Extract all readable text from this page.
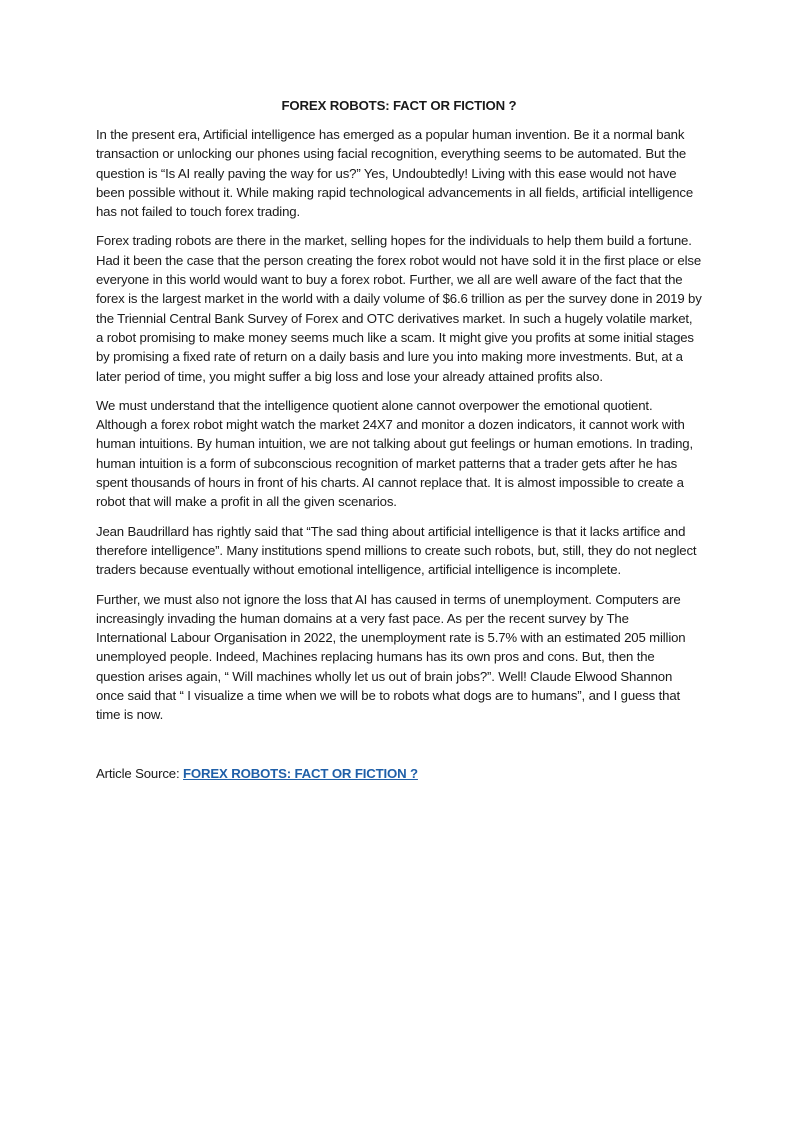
FOREX ROBOTS: FACT OR FICTION ?

In the present era, Artificial intelligence has emerged as a popular human invention. Be it a normal bank transaction or unlocking our phones using facial recognition, everything seems to be automated. But the question is “Is AI really paving the way for us?” Yes, Undoubtedly! Living with this ease would not have been possible without it. While making rapid technological advancements in all fields, artificial intelligence has not failed to touch forex trading.

Forex trading robots are there in the market, selling hopes for the individuals to help them build a fortune. Had it been the case that the person creating the forex robot would not have sold it in the first place or else everyone in this world would want to buy a forex robot. Further, we all are well aware of the fact that the forex is the largest market in the world with a daily volume of $6.6 trillion as per the survey done in 2019 by the Triennial Central Bank Survey of Forex and OTC derivatives market. In such a hugely volatile market, a robot promising to make money seems much like a scam. It might give you profits at some initial stages by promising a fixed rate of return on a daily basis and lure you into making more investments. But, at a later period of time, you might suffer a big loss and lose your already attained profits also.

We must understand that the intelligence quotient alone cannot overpower the emotional quotient. Although a forex robot might watch the market 24X7 and monitor a dozen indicators, it cannot work with human intuitions. By human intuition, we are not talking about gut feelings or human emotions. In trading, human intuition is a form of subconscious recognition of market patterns that a trader gets after he has spent thousands of hours in front of his charts. AI cannot replace that. It is almost impossible to create a robot that will make a profit in all the given scenarios.

Jean Baudrillard has rightly said that “The sad thing about artificial intelligence is that it lacks artifice and therefore intelligence”. Many institutions spend millions to create such robots, but, still, they do not neglect traders because eventually without emotional intelligence, artificial intelligence is incomplete.

Further, we must also not ignore the loss that AI has caused in terms of unemployment. Computers are increasingly invading the human domains at a very fast pace. As per the recent survey by The International Labour Organisation in 2022, the unemployment rate is 5.7% with an estimated 205 million unemployed people. Indeed, Machines replacing humans has its own pros and cons. But, then the question arises again, “ Will machines wholly let us out of brain jobs?”. Well! Claude Elwood Shannon once said that “ I visualize a time when we will be to robots what dogs are to humans”, and I guess that time is now.

Article Source: FOREX ROBOTS: FACT OR FICTION ?
